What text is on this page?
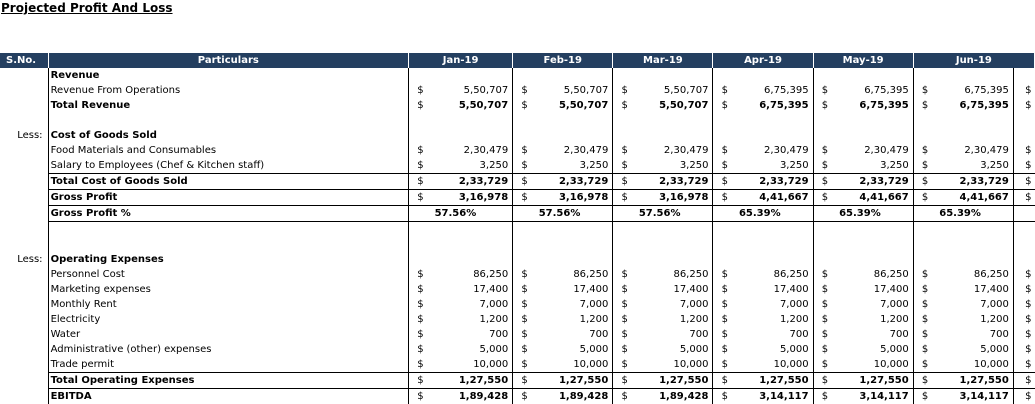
Projected Profit And Loss
S.No.	Particulars	Jan-19		Feb-19		Mar-19		Apr-19		May-19		Jun-19		
	Revenue													
	Revenue From Operations	$	5,50,707	$	5,50,707	$	5,50,707	$	6,75,395	$	6,75,395	$	6,75,395	$
	Total Revenue	$	5,50,707	$	5,50,707	$	5,50,707	$	6,75,395	$	6,75,395	$	6,75,395	$

Less:	Cost of Goods Sold													
	Food Materials and Consumables	$	2,30,479	$	2,30,479	$	2,30,479	$	2,30,479	$	2,30,479	$	2,30,479	$
	Salary to Employees (Chef & Kitchen staff)	$	3,250	$	3,250	$	3,250	$	3,250	$	3,250	$	3,250	$
	Total Cost of Goods Sold	$	2,33,729	$	2,33,729	$	2,33,729	$	2,33,729	$	2,33,729	$	2,33,729	$
	Gross Profit	$	3,16,978	$	3,16,978	$	3,16,978	$	4,41,667	$	4,41,667	$	4,41,667	$
	Gross Profit %		57.56%		57.56%		57.56%		65.39%		65.39%		65.39%	

Less:	Operating Expenses													
	Personnel Cost	$	86,250	$	86,250	$	86,250	$	86,250	$	86,250	$	86,250	$
	Marketing expenses	$	17,400	$	17,400	$	17,400	$	17,400	$	17,400	$	17,400	$
	Monthly Rent	$	7,000	$	7,000	$	7,000	$	7,000	$	7,000	$	7,000	$
	Electricity	$	1,200	$	1,200	$	1,200	$	1,200	$	1,200	$	1,200	$
	Water	$	700	$	700	$	700	$	700	$	700	$	700	$
	Administrative (other) expenses	$	5,000	$	5,000	$	5,000	$	5,000	$	5,000	$	5,000	$
	Trade permit	$	10,000	$	10,000	$	10,000	$	10,000	$	10,000	$	10,000	$
	Total Operating Expenses	$	1,27,550	$	1,27,550	$	1,27,550	$	1,27,550	$	1,27,550	$	1,27,550	$
	EBITDA	$	1,89,428	$	1,89,428	$	1,89,428	$	3,14,117	$	3,14,117	$	3,14,117	$
